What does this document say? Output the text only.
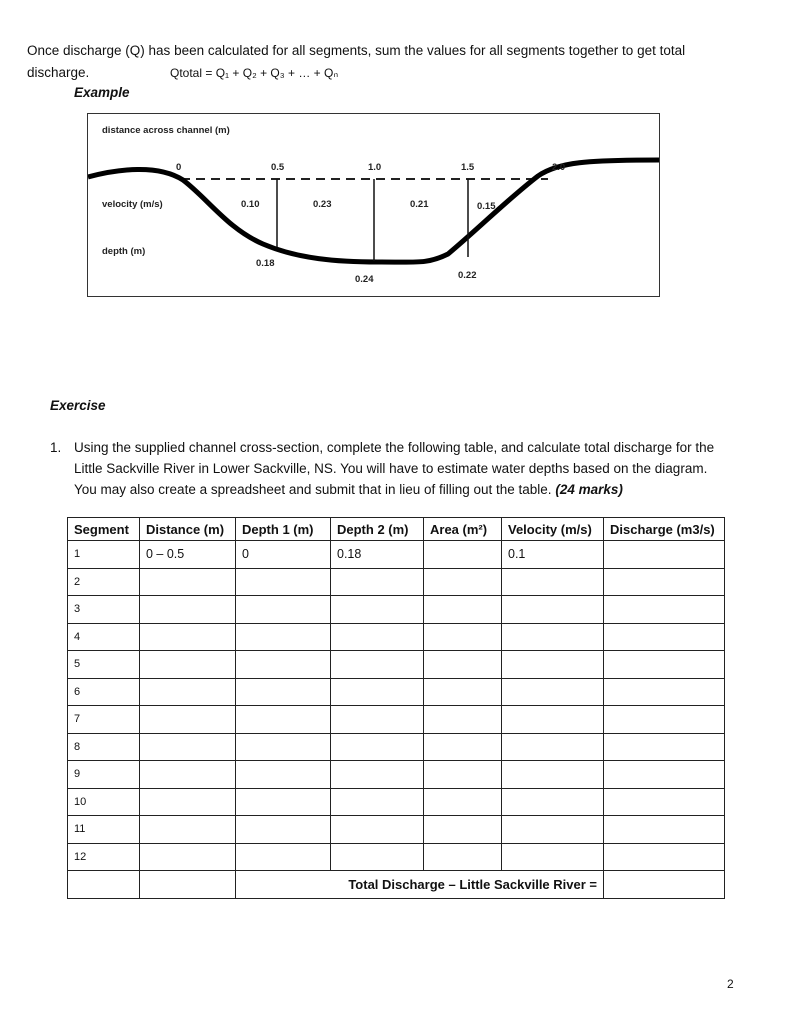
Once discharge (Q) has been calculated for all segments, sum the values for all segments together to get total
discharge.	Qtotal = Q₁ + Q₂ + Q₃ + … + Qₙ
Example
distance across channel (m)
0	0.5	1.0	1.5	2.0
velocity (m/s)	0.10	0.23	0.21	0.15
depth (m)
0.18
0.24	0.22
Exercise
1. Using the supplied channel cross-section, complete the following table, and calculate total discharge for the
Little Sackville River in Lower Sackville, NS. You will have to estimate water depths based on the diagram.
You may also create a spreadsheet and submit that in lieu of filling out the table. (24 marks)
Segment	Distance (m)	Depth 1 (m)	Depth 2 (m)	Area (m²)	Velocity (m/s)	Discharge (m3/s)
1	0 – 0.5	0	0.18		0.1	
2						
3						
4						
5						
6						
7						
8						
9						
10						
11						
12						
		Total Discharge – Little Sackville River =				
2
